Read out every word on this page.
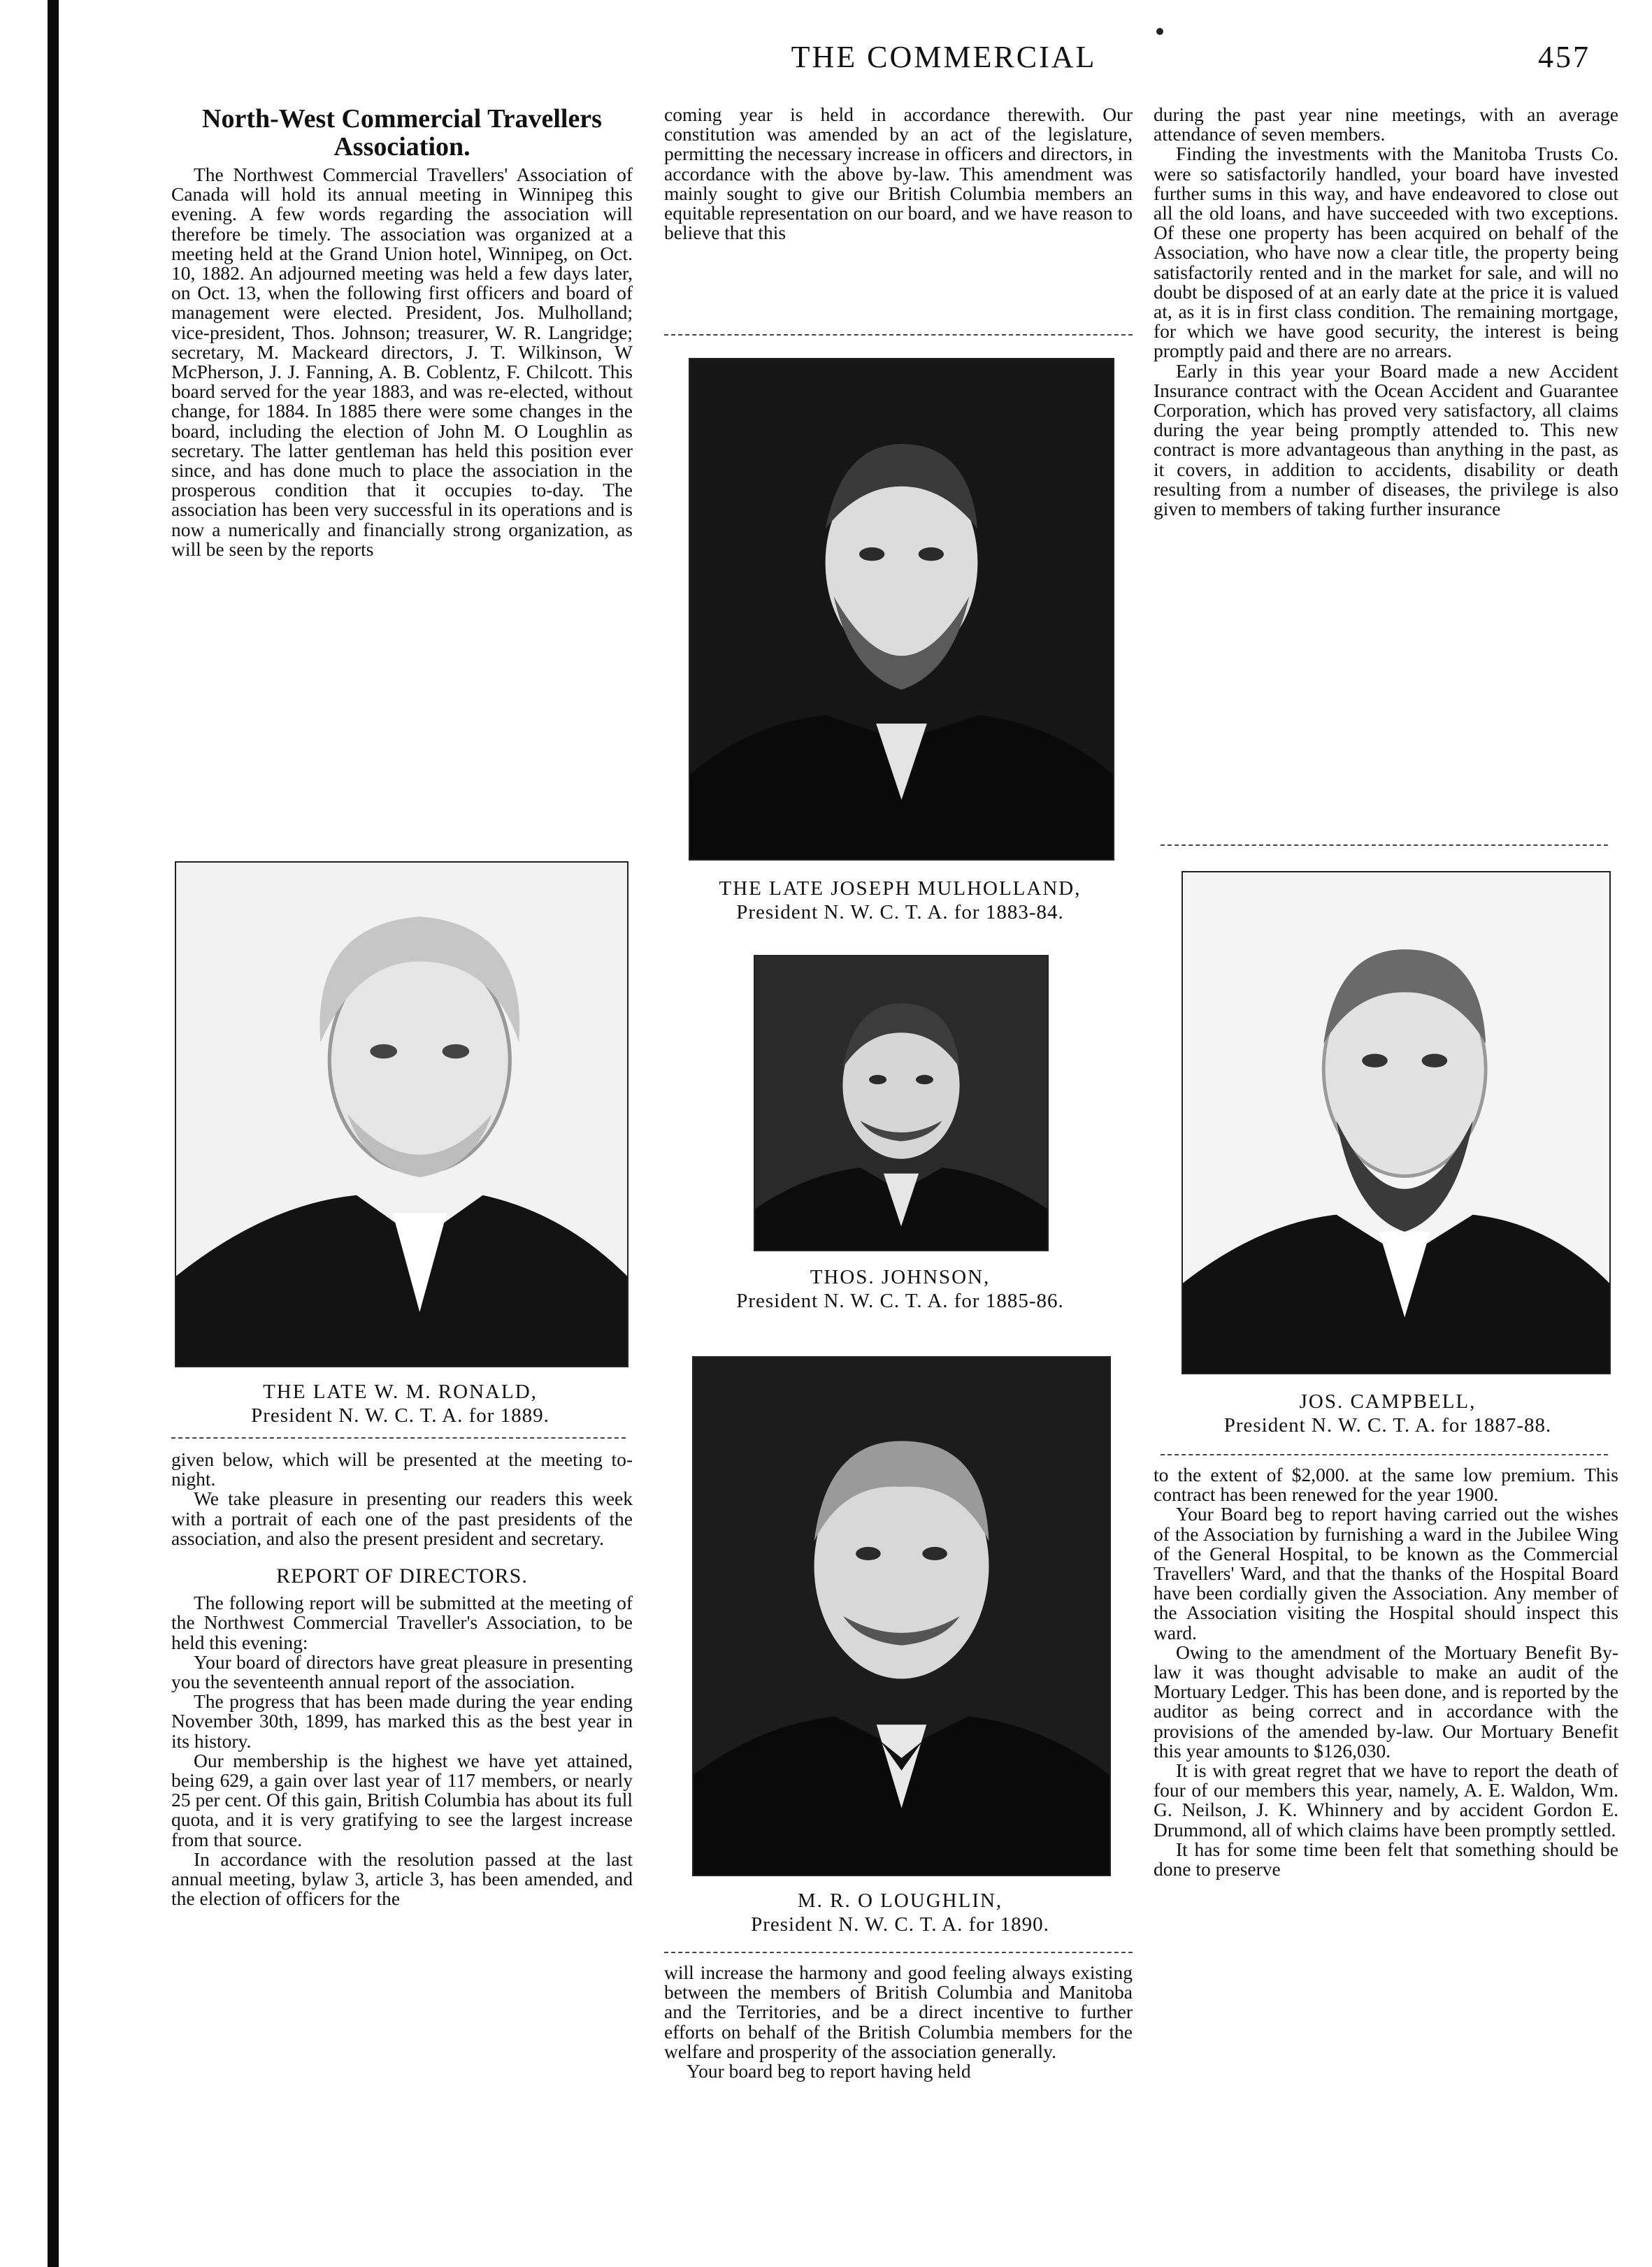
THE COMMERCIAL	457
North-West Commercial Travellers Association.

The Northwest Commercial Travellers' Association of Canada will hold its annual meeting in Winnipeg this evening. A few words regarding the association will therefore be timely. The association was organized at a meeting held at the Grand Union hotel, Winnipeg, on Oct. 10, 1882. An adjourned meeting was held a few days later, on Oct. 13, when the following first officers and board of management were elected. President, Jos. Mulholland; vice-president, Thos. Johnson; treasurer, W. R. Langridge; secretary, M. Mackeard directors, J. T. Wilkinson, W McPherson, J. J. Fanning, A. B. Coblentz, F. Chilcott. This board served for the year 1883, and was re-elected, without change, for 1884. In 1885 there were some changes in the board, including the election of John M. O Loughlin as secretary. The latter gentleman has held this position ever since, and has done much to place the association in the prosperous condition that it occupies to-day. The association has been very successful in its operations and is now a numerically and financially strong organization, as will be seen by the reports

coming year is held in accordance therewith. Our constitution was amended by an act of the legislature, permitting the necessary increase in officers and directors, in accordance with the above by-law. This amendment was mainly sought to give our British Columbia members an equitable representation on our board, and we have reason to believe that this

during the past year nine meetings, with an average attendance of seven members.

Finding the investments with the Manitoba Trusts Co. were so satisfactorily handled, your board have invested further sums in this way, and have endeavored to close out all the old loans, and have succeeded with two exceptions. Of these one property has been acquired on behalf of the Association, who have now a clear title, the property being satisfactorily rented and in the market for sale, and will no doubt be disposed of at an early date at the price it is valued at, as it is in first class condition. The remaining mortgage, for which we have good security, the interest is being promptly paid and there are no arrears.

Early in this year your Board made a new Accident Insurance contract with the Ocean Accident and Guarantee Corporation, which has proved very satisfactory, all claims during the year being promptly attended to. This new contract is more advantageous than anything in the past, as it covers, in addition to accidents, disability or death resulting from a number of diseases, the privilege is also given to members of taking further insurance

THE LATE JOSEPH MULHOLLAND,
President N. W. C. T. A. for 1883-84.
THOS. JOHNSON,
President N. W. C. T. A. for 1885-86.
M. R. O LOUGHLIN,
President N. W. C. T. A. for 1890.
THE LATE W. M. RONALD,
President N. W. C. T. A. for 1889.
JOS. CAMPBELL,
President N. W. C. T. A. for 1887-88.

given below, which will be presented at the meeting to-night.

We take pleasure in presenting our readers this week with a portrait of each one of the past presidents of the association, and also the present president and secretary.

REPORT OF DIRECTORS.

The following report will be submitted at the meeting of the Northwest Commercial Traveller's Association, to be held this evening:

Your board of directors have great pleasure in presenting you the seventeenth annual report of the association.

The progress that has been made during the year ending November 30th, 1899, has marked this as the best year in its history.

Our membership is the highest we have yet attained, being 629, a gain over last year of 117 members, or nearly 25 per cent. Of this gain, British Columbia has about its full quota, and it is very gratifying to see the largest increase from that source.

In accordance with the resolution passed at the last annual meeting, bylaw 3, article 3, has been amended, and the election of officers for the

will increase the harmony and good feeling always existing between the members of British Columbia and Manitoba and the Territories, and be a direct incentive to further efforts on behalf of the British Columbia members for the welfare and prosperity of the association generally.

Your board beg to report having held

to the extent of $2,000. at the same low premium. This contract has been renewed for the year 1900.

Your Board beg to report having carried out the wishes of the Association by furnishing a ward in the Jubilee Wing of the General Hospital, to be known as the Commercial Travellers' Ward, and that the thanks of the Hospital Board have been cordially given the Association. Any member of the Association visiting the Hospital should inspect this ward.

Owing to the amendment of the Mortuary Benefit By-law it was thought advisable to make an audit of the Mortuary Ledger. This has been done, and is reported by the auditor as being correct and in accordance with the provisions of the amended by-law. Our Mortuary Benefit this year amounts to $126,030.

It is with great regret that we have to report the death of four of our members this year, namely, A. E. Waldon, Wm. G. Neilson, J. K. Whinnery and by accident Gordon E. Drummond, all of which claims have been promptly settled.

It has for some time been felt that something should be done to preserve
